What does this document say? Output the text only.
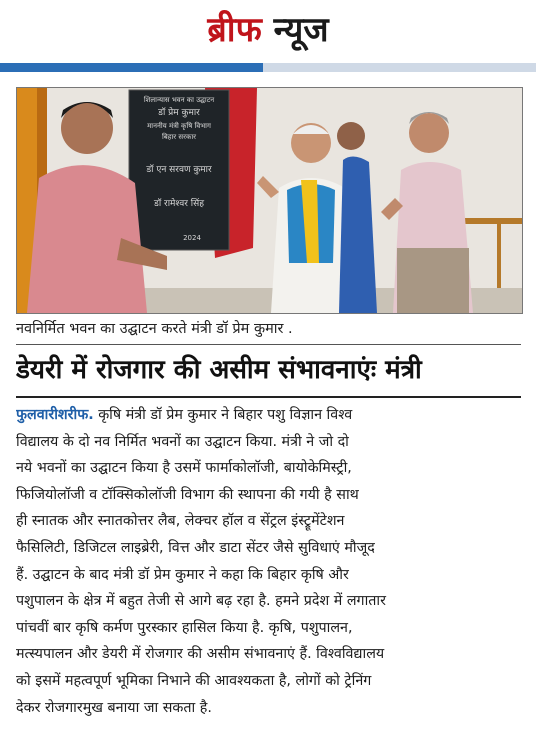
ब्रीफ न्यूज
शिलान्यास भवन का उद्घाटन
डॉ प्रेम कुमार
माननीय मंत्री कृषि विभाग
बिहार सरकार
डॉ एन सरवण कुमार
डॉ रामेश्वर सिंह
2024
नवनिर्मित भवन का उद्घाटन करते मंत्री डॉ प्रेम कुमार .
डेयरी में रोजगार की असीम संभावनाएंः मंत्री
फुलवारीशरीफ. कृषि मंत्री डॉ प्रेम कुमार ने बिहार पशु विज्ञान विश्व
विद्यालय के दो नव निर्मित भवनों का उद्घाटन किया. मंत्री ने जो दो
नये भवनों का उद्घाटन किया है उसमें फार्माकोलॉजी, बायोकेमिस्ट्री,
फिजियोलॉजी व टॉक्सिकोलॉजी विभाग की स्थापना की गयी है साथ
ही स्नातक और स्नातकोत्तर लैब, लेक्चर हॉल व सेंट्रल इंस्ट्रूमेंटेशन
फैसिलिटी, डिजिटल लाइब्रेरी, वित्त और डाटा सेंटर जैसे सुविधाएं मौजूद
हैं. उद्घाटन के बाद मंत्री डॉ प्रेम कुमार ने कहा कि बिहार कृषि और
पशुपालन के क्षेत्र में बहुत तेजी से आगे बढ़ रहा है. हमने प्रदेश में लगातार
पांचवीं बार कृषि कर्मण पुरस्कार हासिल किया है. कृषि, पशुपालन,
मत्स्यपालन और डेयरी में रोजगार की असीम संभावनाएं हैं. विश्वविद्यालय
को इसमें महत्वपूर्ण भूमिका निभाने की आवश्यकता है, लोगों को ट्रेनिंग
देकर रोजगारमुख बनाया जा सकता है.
